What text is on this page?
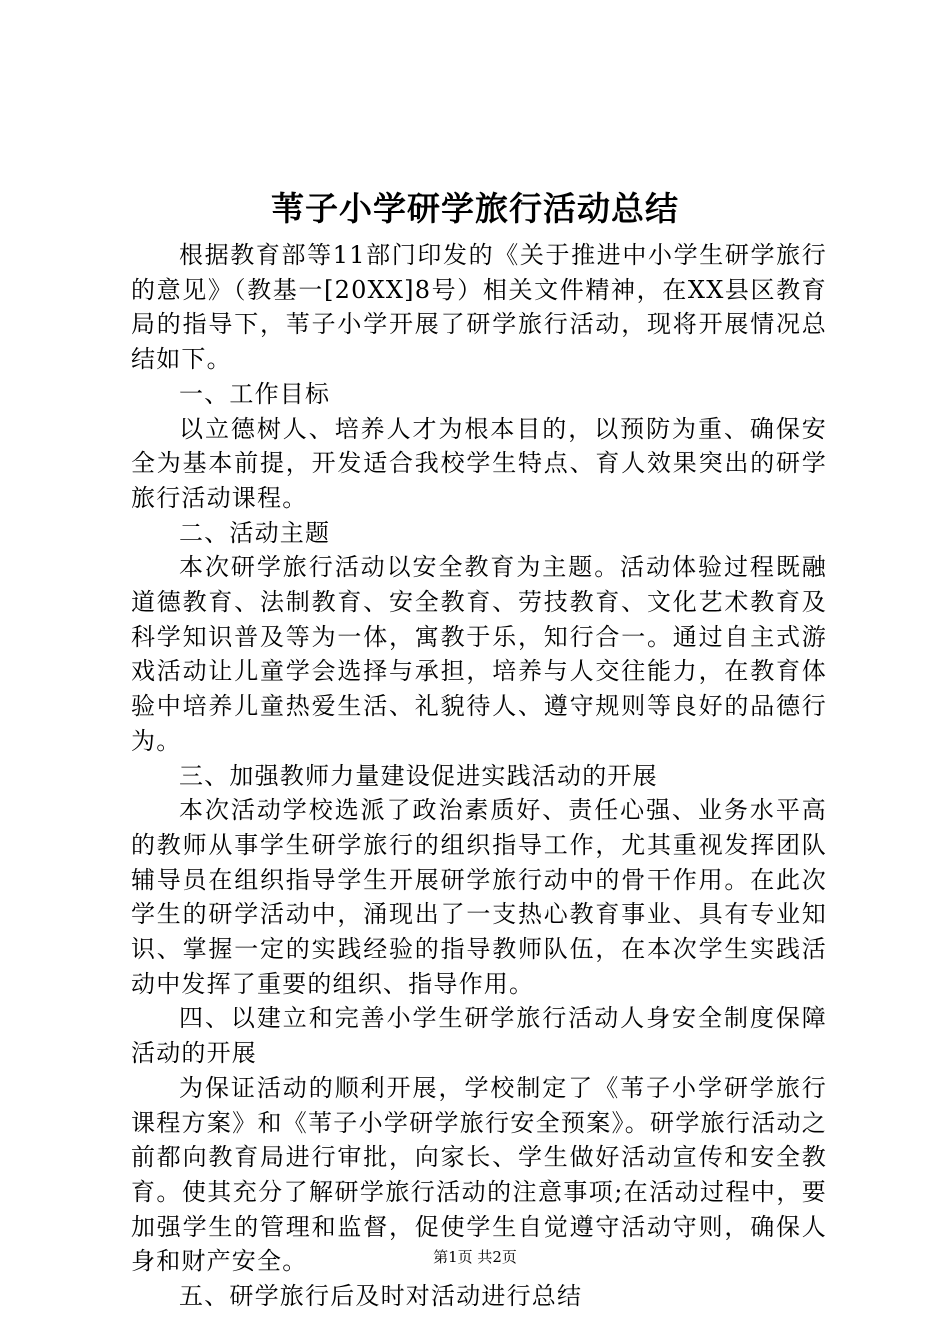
苇子小学研学旅行活动总结

根据教育部等11部门印发的《关于推进中小学生研学旅行的意见》（教基一[20XX]8号）相关文件精神，在XX县区教育局的指导下，苇子小学开展了研学旅行活动，现将开展情况总结如下。

一、工作目标

以立德树人、培养人才为根本目的，以预防为重、确保安全为基本前提，开发适合我校学生特点、育人效果突出的研学旅行活动课程。

二、活动主题

本次研学旅行活动以安全教育为主题。活动体验过程既融道德教育、法制教育、安全教育、劳技教育、文化艺术教育及科学知识普及等为一体，寓教于乐，知行合一。通过自主式游戏活动让儿童学会选择与承担，培养与人交往能力，在教育体验中培养儿童热爱生活、礼貌待人、遵守规则等良好的品德行为。

三、加强教师力量建设促进实践活动的开展

本次活动学校选派了政治素质好、责任心强、业务水平高的教师从事学生研学旅行的组织指导工作，尤其重视发挥团队辅导员在组织指导学生开展研学旅行动中的骨干作用。在此次学生的研学活动中，涌现出了一支热心教育事业、具有专业知识、掌握一定的实践经验的指导教师队伍，在本次学生实践活动中发挥了重要的组织、指导作用。

四、以建立和完善小学生研学旅行活动人身安全制度保障活动的开展

为保证活动的顺利开展，学校制定了《苇子小学研学旅行课程方案》和《苇子小学研学旅行安全预案》。研学旅行活动之前都向教育局进行审批，向家长、学生做好活动宣传和安全教育。使其充分了解研学旅行活动的注意事项;在活动过程中，要加强学生的管理和监督，促使学生自觉遵守活动守则，确保人身和财产安全。

五、研学旅行后及时对活动进行总结

第1页 共2页
